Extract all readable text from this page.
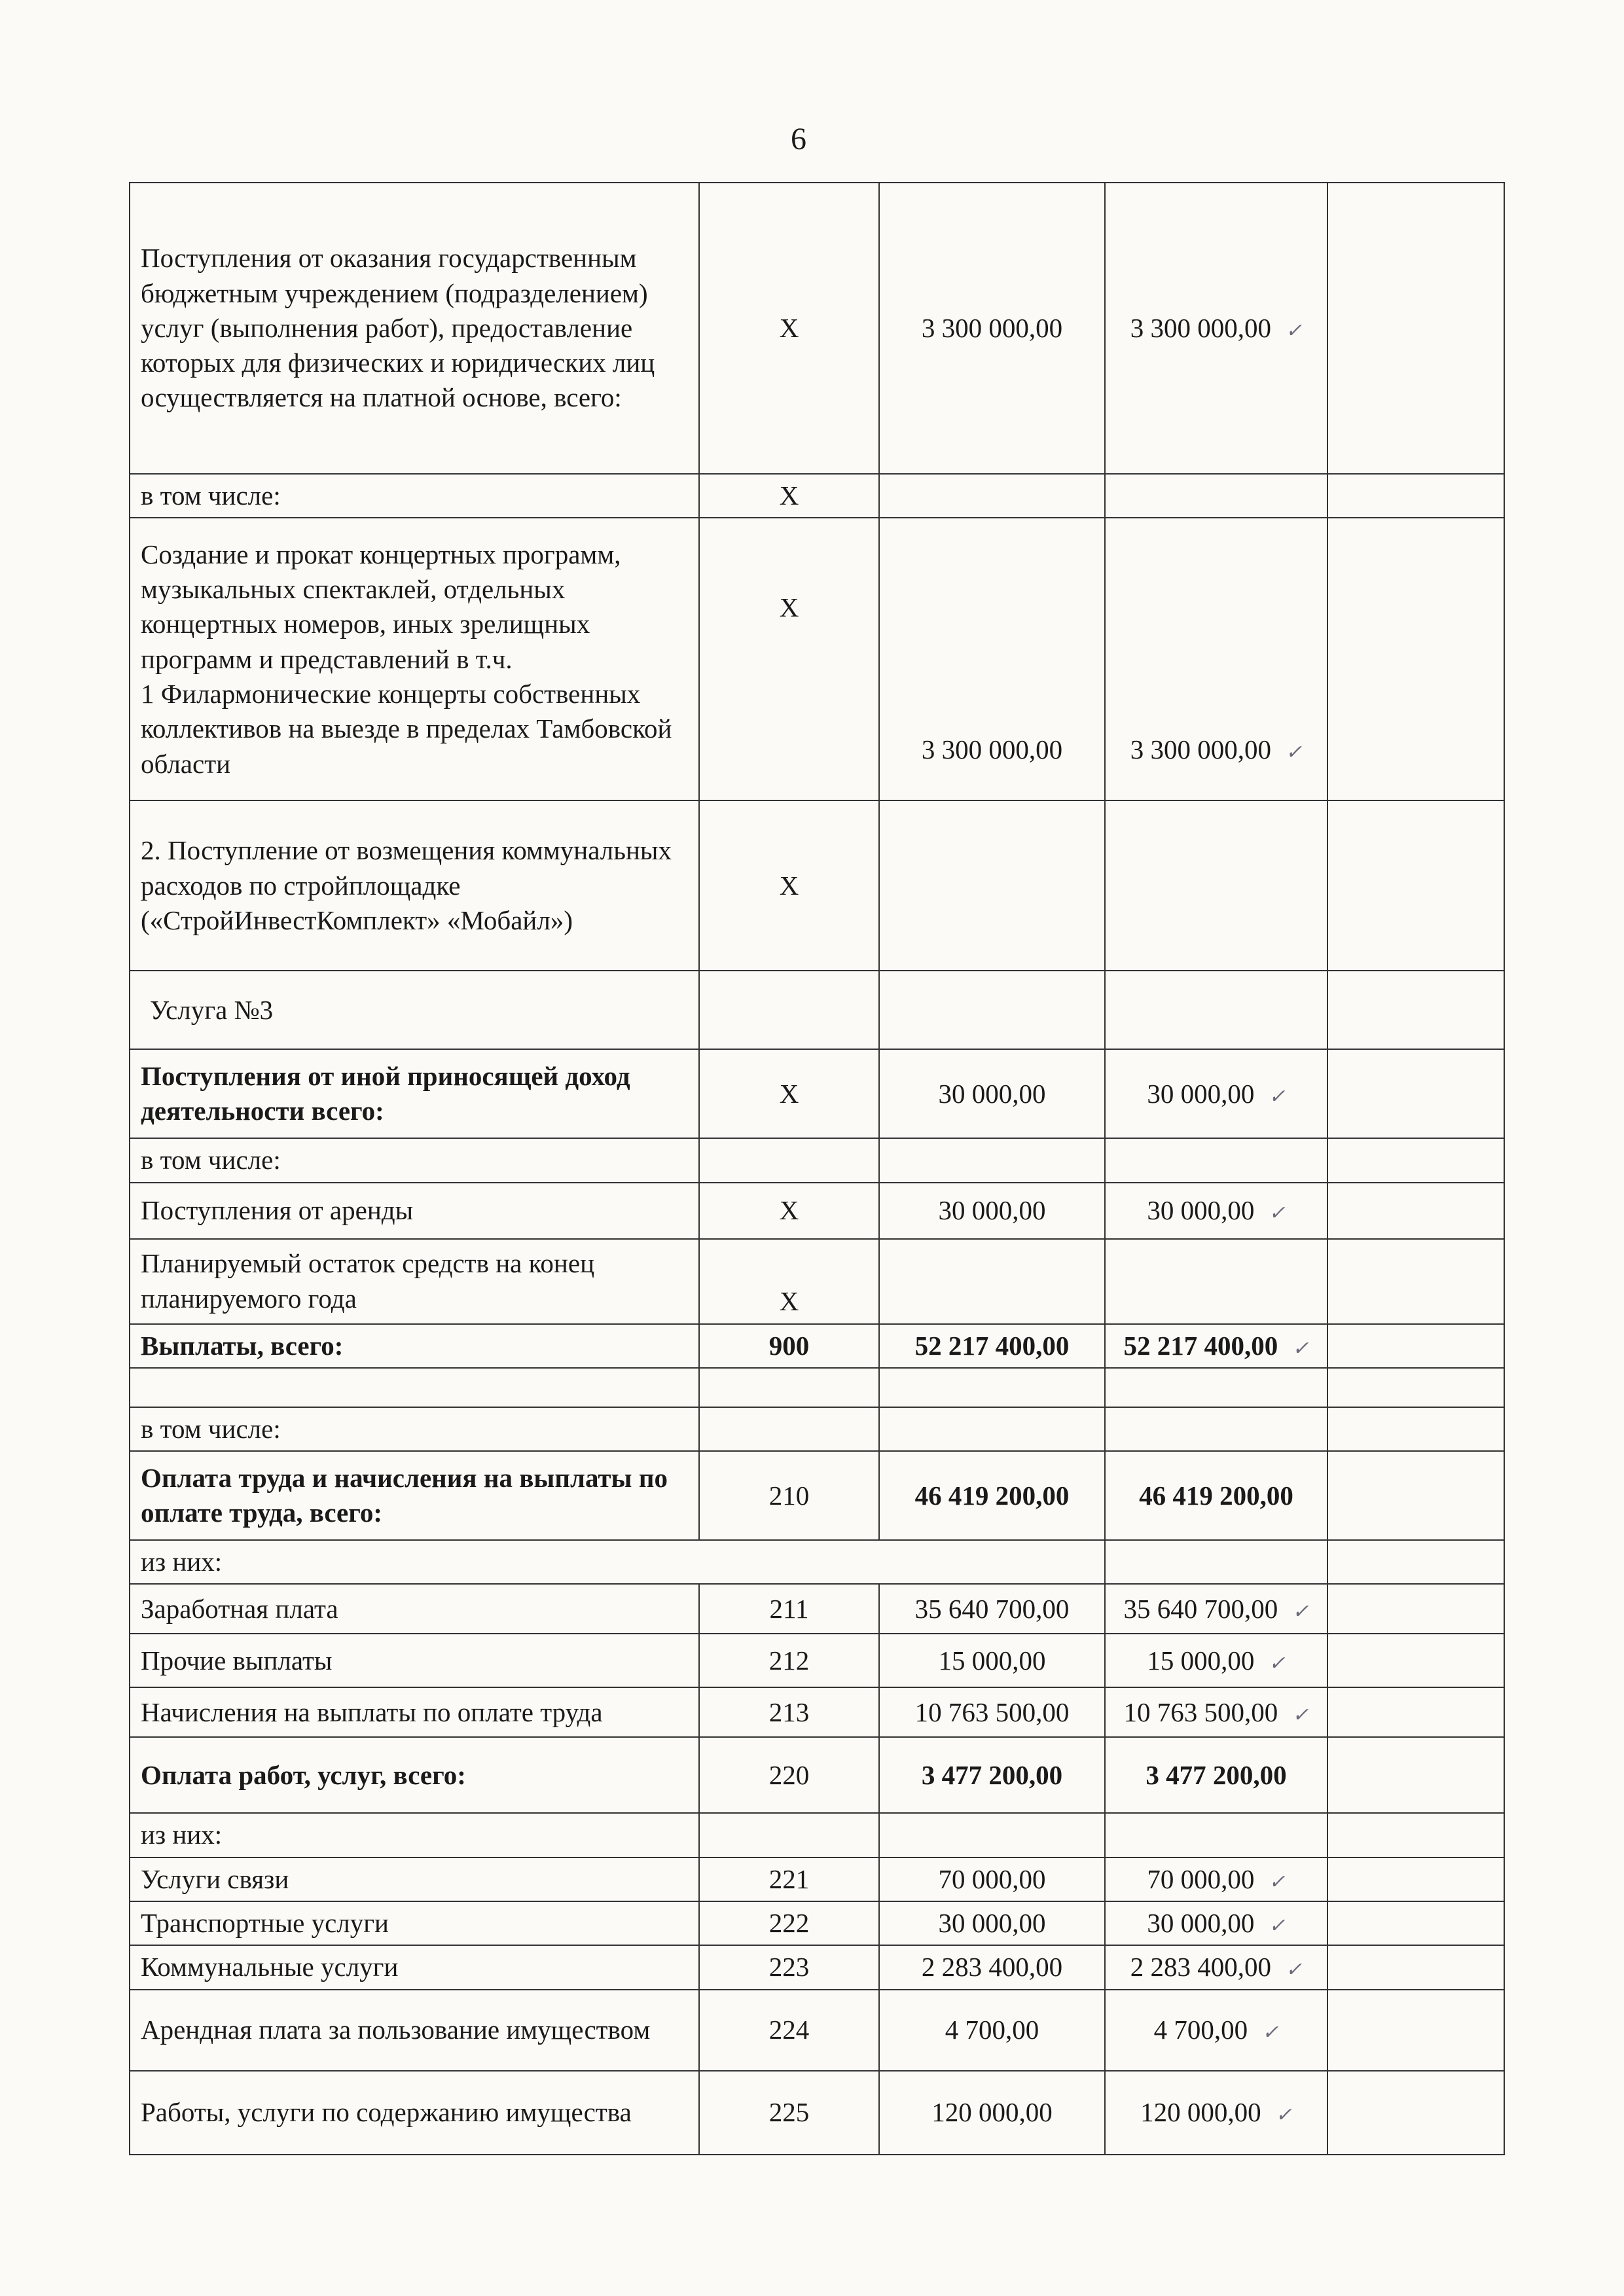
6
Поступления от оказания государственным бюджетным учреждением (подразделением) услуг (выполнения работ), предоставление которых для физических и юридических лиц осуществляется на платной основе, всего:	X	3 300 000,00	3 300 000,00 ✓	
в том числе:	X			

Создание и прокат концертных программ, музыкальных спектаклей, отдельных концертных номеров, иных зрелищных программ и представлений в т.ч.
1 Филармонические концерты собственных коллективов на выезде в пределах Тамбовской области	X	3 300 000,00	3 300 000,00 ✓	
2. Поступление от возмещения коммунальных расходов по стройплощадке («СтройИнвестКомплект» «Мобайл»)	X			
Услуга №3				
Поступления от иной приносящей доход деятельности всего:	X	30 000,00	30 000,00 ✓	
в том числе:				
Поступления от аренды	X	30 000,00	30 000,00 ✓	
Планируемый остаток средств на конец планируемого года	X			
Выплаты, всего:	900	52 217 400,00	52 217 400,00 ✓	

в том числе:				
Оплата труда и начисления на выплаты по оплате труда, всего:	210	46 419 200,00	46 419 200,00	
из них:				
Заработная плата	211	35 640 700,00	35 640 700,00 ✓	
Прочие выплаты	212	15 000,00	15 000,00 ✓	
Начисления на выплаты по оплате труда	213	10 763 500,00	10 763 500,00 ✓	
Оплата работ, услуг, всего:	220	3 477 200,00	3 477 200,00	
из них:				
Услуги связи	221	70 000,00	70 000,00 ✓	
Транспортные услуги	222	30 000,00	30 000,00 ✓	
Коммунальные услуги	223	2 283 400,00	2 283 400,00 ✓	
Арендная плата за пользование имуществом	224	4 700,00	4 700,00 ✓	
Работы, услуги по содержанию имущества	225	120 000,00	120 000,00 ✓	
